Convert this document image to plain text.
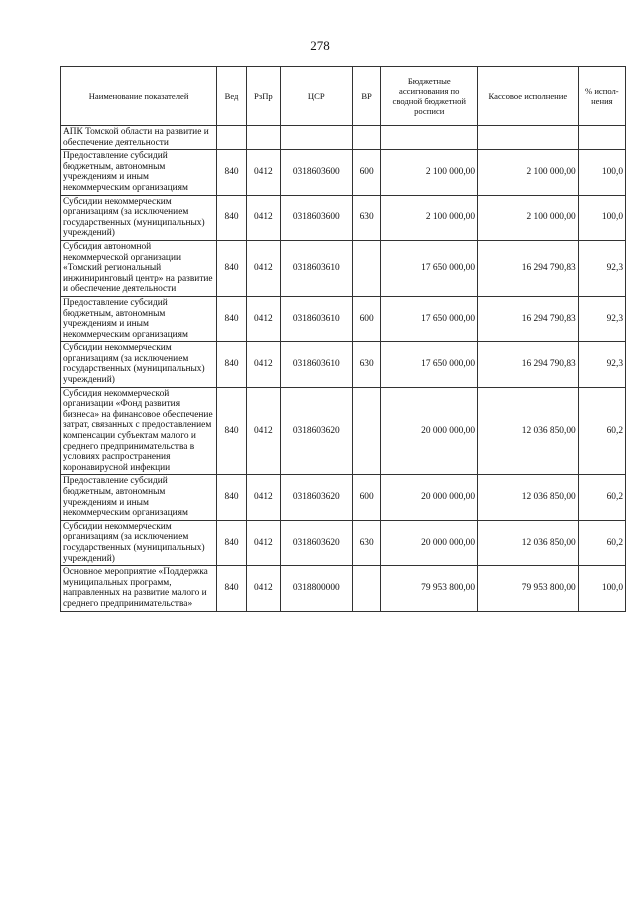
278
Наименование показателей	Вед	РзПр	ЦСР	ВР	Бюджетные ассигнования по сводной бюджетной росписи	Кассовое исполнение	% испол-нения
АПК Томской области на развитие и обеспечение деятельности							
Предоставление субсидий бюджетным, автономным учреждениям и иным некоммерческим организациям	840	0412	0318603600	600	2 100 000,00	2 100 000,00	100,0
Субсидии некоммерческим организациям (за исключением государственных (муниципальных) учреждений)	840	0412	0318603600	630	2 100 000,00	2 100 000,00	100,0
Субсидия автономной некоммерческой организации «Томский региональный инжиниринговый центр» на развитие и обеспечение деятельности	840	0412	0318603610		17 650 000,00	16 294 790,83	92,3
Предоставление субсидий бюджетным, автономным учреждениям и иным некоммерческим организациям	840	0412	0318603610	600	17 650 000,00	16 294 790,83	92,3
Субсидии некоммерческим организациям (за исключением государственных (муниципальных) учреждений)	840	0412	0318603610	630	17 650 000,00	16 294 790,83	92,3
Субсидия некоммерческой организации «Фонд развития бизнеса» на финансовое обеспечение затрат, связанных с предоставлением компенсации субъектам малого и среднего предпринимательства в условиях распространения коронавирусной инфекции	840	0412	0318603620		20 000 000,00	12 036 850,00	60,2
Предоставление субсидий бюджетным, автономным учреждениям и иным некоммерческим организациям	840	0412	0318603620	600	20 000 000,00	12 036 850,00	60,2
Субсидии некоммерческим организациям (за исключением государственных (муниципальных) учреждений)	840	0412	0318603620	630	20 000 000,00	12 036 850,00	60,2
Основное мероприятие «Поддержка муниципальных программ, направленных на развитие малого и среднего предпринимательства»	840	0412	0318800000		79 953 800,00	79 953 800,00	100,0
